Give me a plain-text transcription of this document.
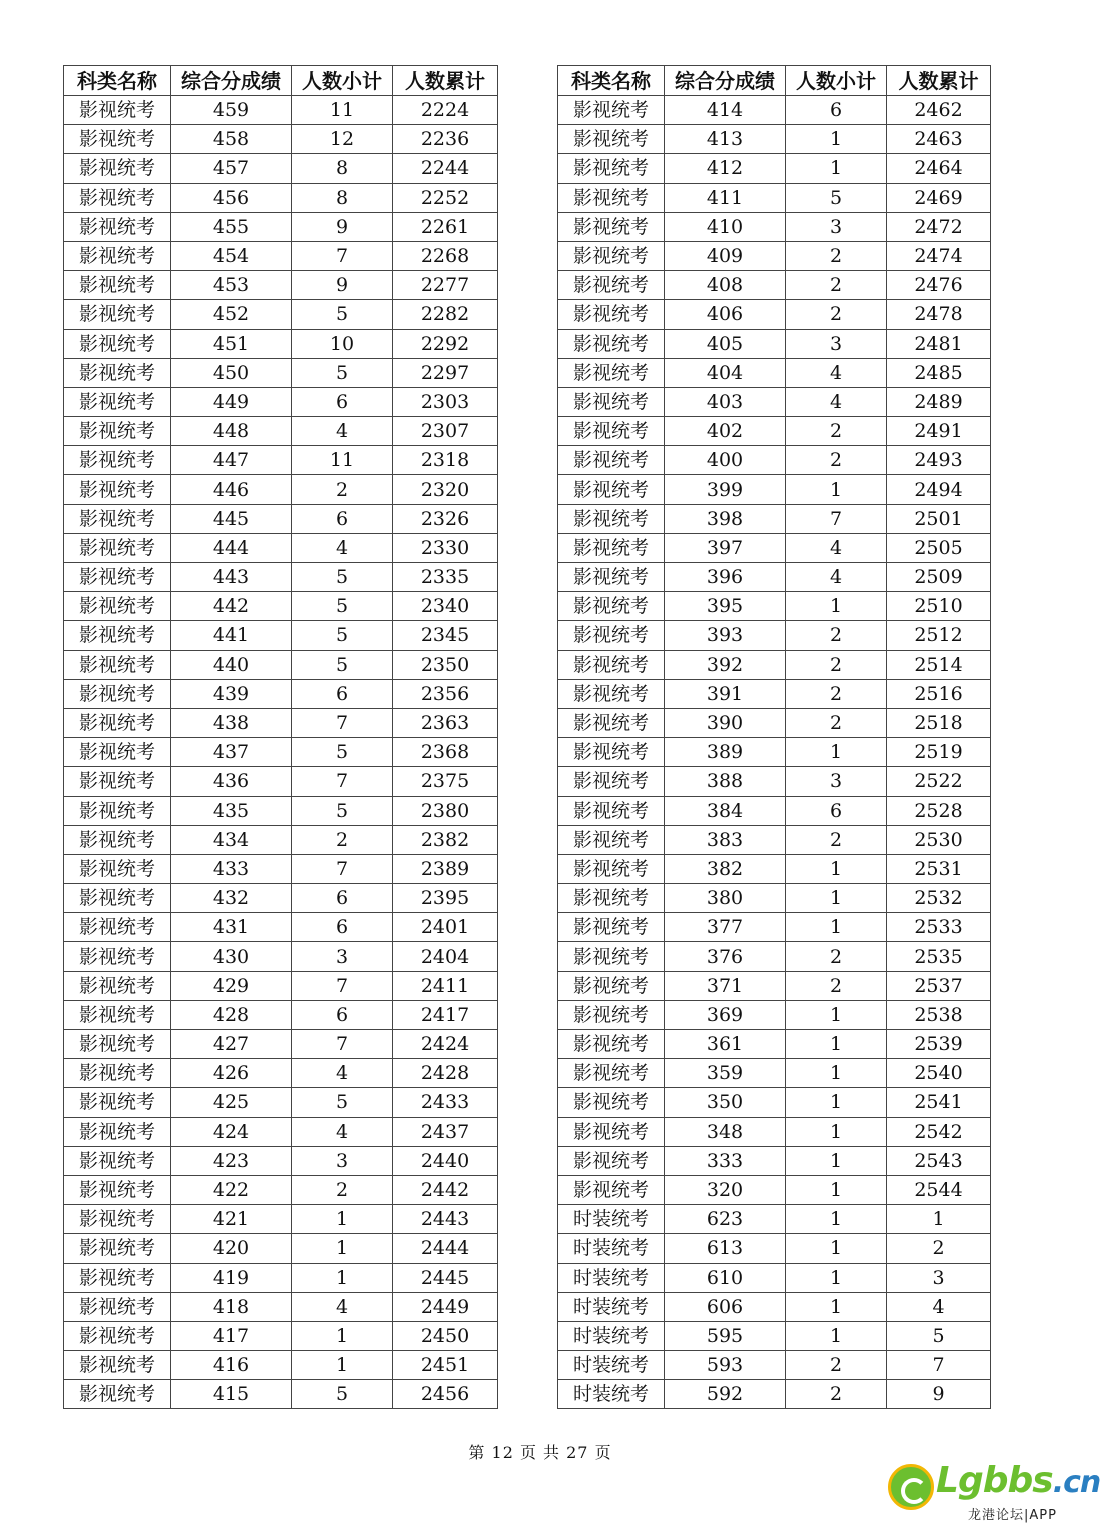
科类名称	综合分成绩	人数小计	人数累计
影视统考	459	11	2224
影视统考	458	12	2236
影视统考	457	8	2244
影视统考	456	8	2252
影视统考	455	9	2261
影视统考	454	7	2268
影视统考	453	9	2277
影视统考	452	5	2282
影视统考	451	10	2292
影视统考	450	5	2297
影视统考	449	6	2303
影视统考	448	4	2307
影视统考	447	11	2318
影视统考	446	2	2320
影视统考	445	6	2326
影视统考	444	4	2330
影视统考	443	5	2335
影视统考	442	5	2340
影视统考	441	5	2345
影视统考	440	5	2350
影视统考	439	6	2356
影视统考	438	7	2363
影视统考	437	5	2368
影视统考	436	7	2375
影视统考	435	5	2380
影视统考	434	2	2382
影视统考	433	7	2389
影视统考	432	6	2395
影视统考	431	6	2401
影视统考	430	3	2404
影视统考	429	7	2411
影视统考	428	6	2417
影视统考	427	7	2424
影视统考	426	4	2428
影视统考	425	5	2433
影视统考	424	4	2437
影视统考	423	3	2440
影视统考	422	2	2442
影视统考	421	1	2443
影视统考	420	1	2444
影视统考	419	1	2445
影视统考	418	4	2449
影视统考	417	1	2450
影视统考	416	1	2451
影视统考	415	5	2456
科类名称	综合分成绩	人数小计	人数累计
影视统考	414	6	2462
影视统考	413	1	2463
影视统考	412	1	2464
影视统考	411	5	2469
影视统考	410	3	2472
影视统考	409	2	2474
影视统考	408	2	2476
影视统考	406	2	2478
影视统考	405	3	2481
影视统考	404	4	2485
影视统考	403	4	2489
影视统考	402	2	2491
影视统考	400	2	2493
影视统考	399	1	2494
影视统考	398	7	2501
影视统考	397	4	2505
影视统考	396	4	2509
影视统考	395	1	2510
影视统考	393	2	2512
影视统考	392	2	2514
影视统考	391	2	2516
影视统考	390	2	2518
影视统考	389	1	2519
影视统考	388	3	2522
影视统考	384	6	2528
影视统考	383	2	2530
影视统考	382	1	2531
影视统考	380	1	2532
影视统考	377	1	2533
影视统考	376	2	2535
影视统考	371	2	2537
影视统考	369	1	2538
影视统考	361	1	2539
影视统考	359	1	2540
影视统考	350	1	2541
影视统考	348	1	2542
影视统考	333	1	2543
影视统考	320	1	2544
时装统考	623	1	1
时装统考	613	1	2
时装统考	610	1	3
时装统考	606	1	4
时装统考	595	1	5
时装统考	593	2	7
时装统考	592	2	9
第 12 页 共 27 页
Lgbbs.cn
龙港论坛|APP
